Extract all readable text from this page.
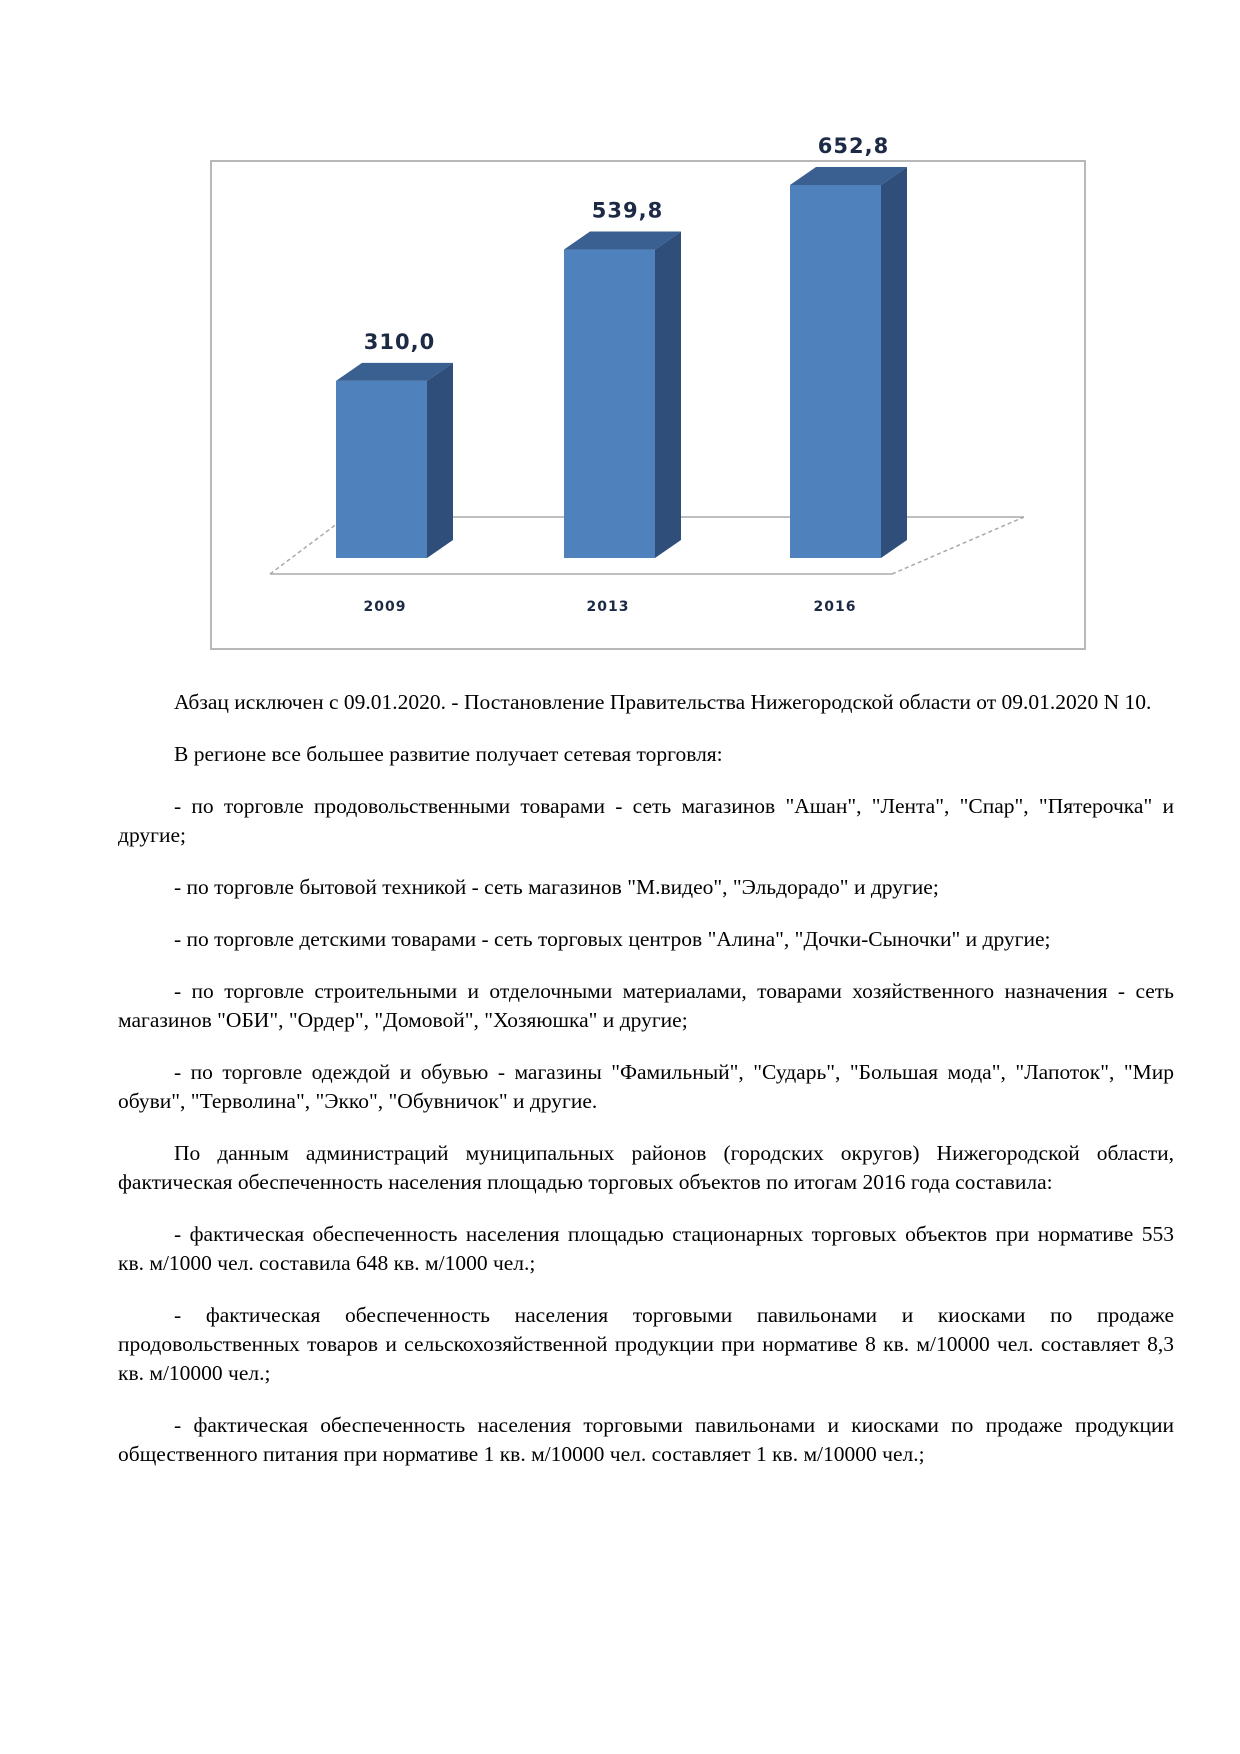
310,0
2009
539,8
2013
652,8
2016

Абзац исключен с 09.01.2020. - Постановление Правительства Нижегородской области от 09.01.2020 N 10.

В регионе все большее развитие получает сетевая торговля:

- по торговле продовольственными товарами - сеть магазинов "Ашан", "Лента", "Спар", "Пятерочка" и другие;

- по торговле бытовой техникой - сеть магазинов "М.видео", "Эльдорадо" и другие;

- по торговле детскими товарами - сеть торговых центров "Алина", "Дочки-Сыночки" и другие;

- по торговле строительными и отделочными материалами, товарами хозяйственного назначения - сеть магазинов "ОБИ", "Ордер", "Домовой", "Хозяюшка" и другие;

- по торговле одеждой и обувью - магазины "Фамильный", "Сударь", "Большая мода", "Лапоток", "Мир обуви", "Терволина", "Экко", "Обувничок" и другие.

По данным администраций муниципальных районов (городских округов) Нижегородской области, фактическая обеспеченность населения площадью торговых объектов по итогам 2016 года составила:

- фактическая обеспеченность населения площадью стационарных торговых объектов при нормативе 553 кв. м/1000 чел. составила 648 кв. м/1000 чел.;

- фактическая обеспеченность населения торговыми павильонами и киосками по продаже продовольственных товаров и сельскохозяйственной продукции при нормативе 8 кв. м/10000 чел. составляет 8,3 кв. м/10000 чел.;

- фактическая обеспеченность населения торговыми павильонами и киосками по продаже продукции общественного питания при нормативе 1 кв. м/10000 чел. составляет 1 кв. м/10000 чел.;
